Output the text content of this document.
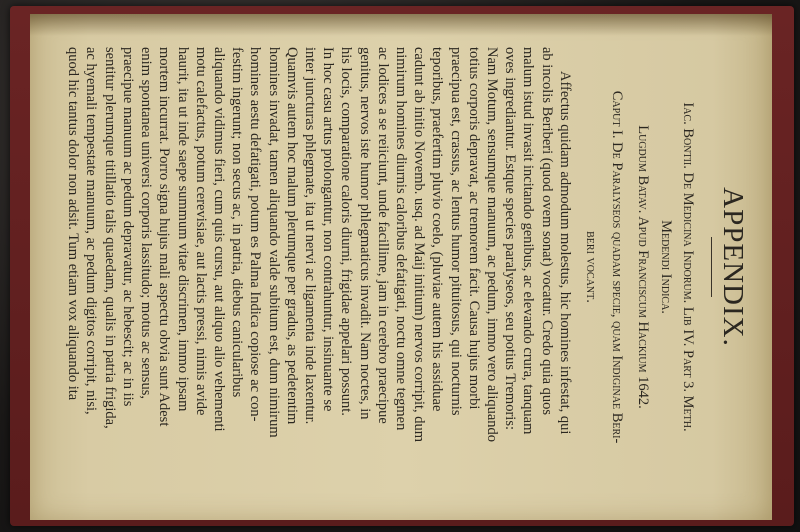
APPENDIX.
Iac. Bontii. De Medicina Indorum. Lib IV. Part 3. Meth.
Medendi Indica.
Lugdum Batav. Apud Franciscum Hackium 1642.
Caput I. De Paralyseos quadam specie, quam Indiginae Beri-
beri vocant.
Affectus quidam admodum molestus, hic homines infestat, qui
ab incolis Beriberi (quod ovem sonat) vocatur. Credo quia quos
malum istud invasit incitando genibus, ac elevando crura, tanquam
oves ingrediantur. Estque species paralyseos, seu potius Tremoris:
Nam Motum, sensumque manuum, ac pedum, immo vero aliquando
totius corporis depravat, ac tremorem facit. Causa hujus morbi
praecipua est, crassus, ac lentus humor pituitosus, qui nocturnis
teporibus, praefertim pluvio coelo, (pluviae autem his assiduae
cadunt ab initio Novemb. usq. ad Maij initium) nervos corripit, dum
nimirum homines diurnis caloribus defatigati, noctu omne tegmen
ac lodices a se reiiciunt, unde facillime, jam in cerebro praecipue
genitus, nervos iste humor phlegmaticus invadit. Nam noctes, in
his locis, comparatione caloris diurni, frigidae appelari possunt.
In hoc casu artus prolongantur, non contrahuntur, insinuante se
inter juncturas phlegmate, ita ut nervi ac ligamenta inde laxentur.
Quamvis autem hoc malum plerumque per gradus, as pedetentim
homines invadat, tamen aliquando valde subitum est, dum nimirum
homines aestu defatigati, potum es Palma Indica copiose ac con-
festim ingerunt; non secus ac, in patria, diebus canicularibus
aliquando vidimus fieri, cum quis cursu, aut aliquo alio vehementi
motu calefactus, potum cerevisiae, aut lactis pressi, nimis avide
haurit, ita ut inde saepe summum vitae discrimen, immo ipsam
mortem incurrat. Porro signa hujus mali aspectu obvia sunt Adest
enim spontanea universi corporis lassitudo; motus ac sensus,
praecipue manuum ac pedum depravatur, ac hebescit; ac in iis
sentitur plerumque titillatio talis quaedam, qualis in patria frigida,
ac hyemali tempestate manuum, ac pedum digitos corripit, nisi,
quod hic tantus dolor non adsit. Tum etiam vox aliquando ita
